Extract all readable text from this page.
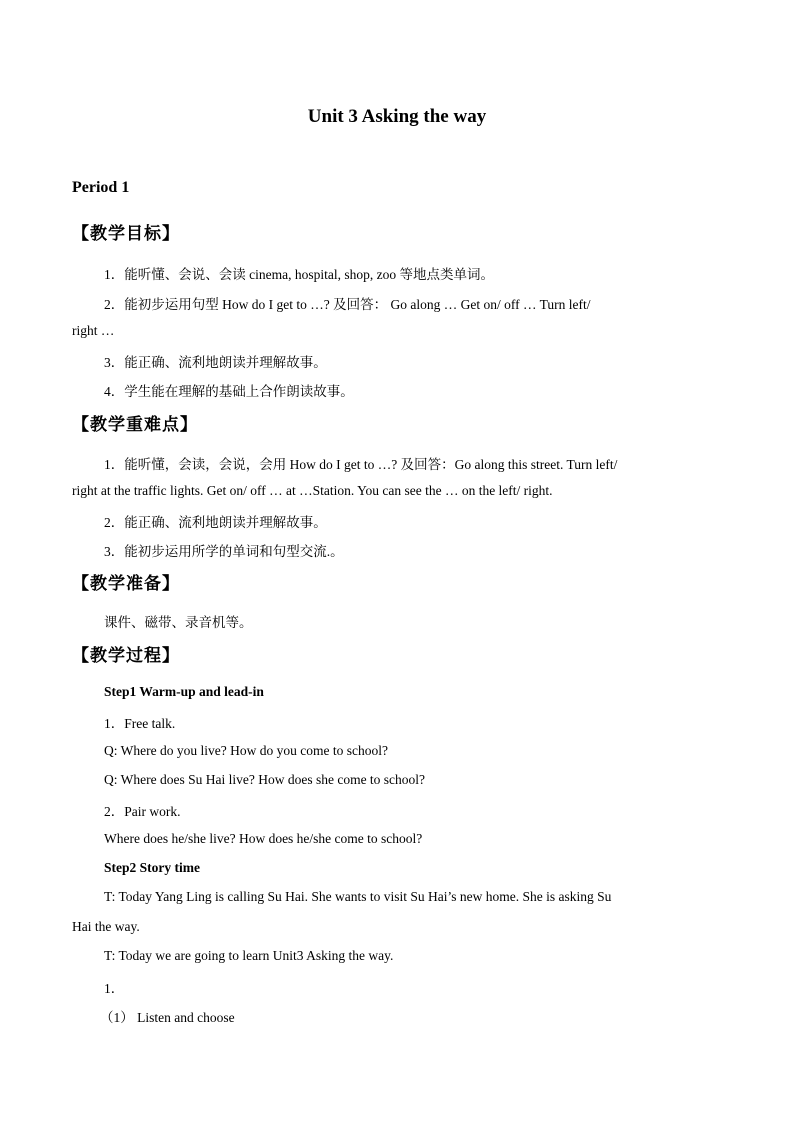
Unit 3 Asking the way
Period 1
【教学目标】
1．能听懂、会说、会读 cinema, hospital, shop, zoo 等地点类单词。
2．能初步运用句型 How do I get to …? 及回答： Go along … Get on/ off … Turn left/
right …
3．能正确、流利地朗读并理解故事。
4．学生能在理解的基础上合作朗读故事。
【教学重难点】
1．能听懂，会读，会说，会用 How do I get to …? 及回答：Go along this street. Turn left/
right at the traffic lights. Get on/ off … at …Station. You can see the … on the left/ right.
2．能正确、流利地朗读并理解故事。
3．能初步运用所学的单词和句型交流.。
【教学准备】
课件、磁带、录音机等。
【教学过程】
Step1 Warm-up and lead-in
1．Free talk.
Q: Where do you live? How do you come to school?
Q: Where does Su Hai live? How does she come to school?
2．Pair work.
Where does he/she live? How does he/she come to school?
Step2 Story time
T: Today Yang Ling is calling Su Hai. She wants to visit Su Hai’s new home. She is asking Su
Hai the way.
T: Today we are going to learn Unit3 Asking the way.
1．
（1） Listen and choose
